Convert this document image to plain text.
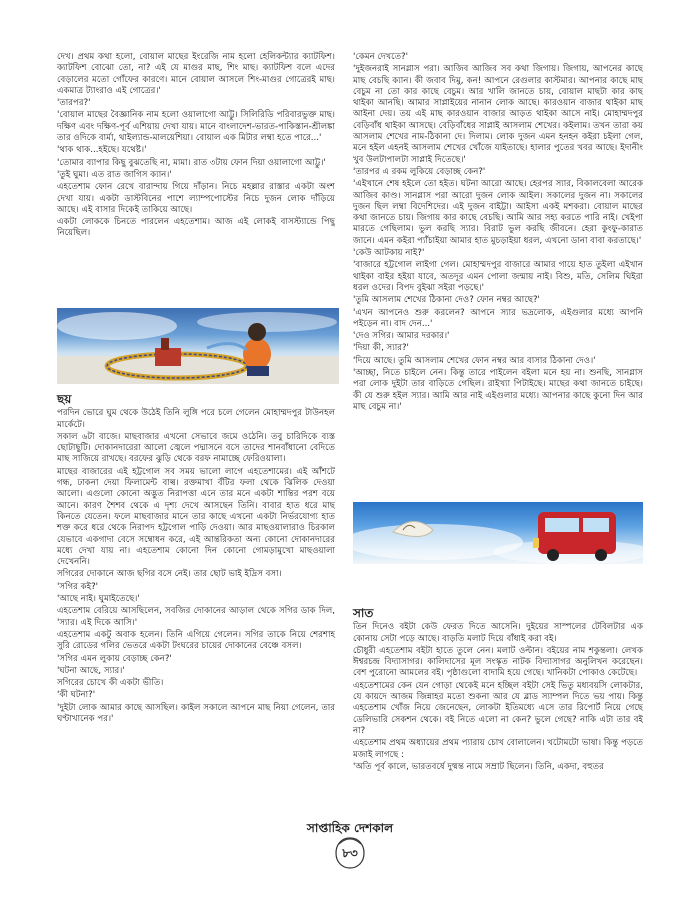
দেখ। প্রথম কথা হলো, বোয়াল মাছের ইংরেজি নাম হলো হেলিকন্ট্যার ক্যাটফিশ। ক্যাটফিশ বোঝো তো, না? এই যে মাগুর মাছ, শিং মাছ। ক্যাটফিশ বলে এদের বেড়ালের মতো গোঁফের কারণে। মানে বোয়াল আসলে শিং-মাগুর গোত্রেরই মাছ। একমাত্র ট্যাংরাও এই গোত্রের।'

'তারপর?'

'বোয়াল মাছের বৈজ্ঞানিক নাম হলো ওয়ালাগো আট্টু। সিলিরিডি পরিবারভুক্ত মাছ। দক্ষিণ এবং দক্ষিণ-পূর্ব এশিয়ায় দেখা যায়। মানে বাংলাদেশ-ভারত-পাকিস্তান-শ্রীলঙ্কা তার ওদিকে বার্মা, থাইল্যান্ড-মালয়েশিয়া। বোয়াল এক মিটার লম্বা হতে পারে...'

'থাক থাক...হইছে। যথেষ্ট।'

'তোমার ব্যাপার কিছু বুঝতেছি না, মামা। রাত ৩টায় ফোন দিয়া ওয়ালাগো আট্টু।'

'তুই ঘুমা। এত রাত জাগিস ক্যান।'

এহতেশাম ফোন রেখে বারান্দায় গিয়ে দাঁড়ান। নিচে মহল্লার রাস্তার একটা অংশ দেখা যায়। একটা ডাস্টবিনের পাশে ল্যাম্পপোস্টের নিচে দুজন লোক দাঁড়িয়ে আছে। এই বাসার দিকেই তাকিয়ে আছে।

একটা লোককে চিনতে পারলেন এহতেশাম। আজ এই লোকই বাসস্ট্যান্ডে পিছু নিয়েছিল।

ছয়

পরদিন ভোরে ঘুম থেকে উঠেই তিনি লুঙ্গি পরে চলে গেলেন মোহাম্মদপুর টাউনহল মার্কেটে।

সকাল ৬টা বাজে। মাছবাজার এখনো সেভাবে জমে ওঠেনি। তবু চারিদিকে ব্যস্ত ছোটাছুটি। দোকানদারেরা আলো জ্বেলে পদ্মাসনে বসে তাদের শানবাঁধানো বেদিতে মাছ সাজিয়ে রাখছে। বরফের ঝুড়ি থেকে বরফ নামাচ্ছে ফেরিওয়ালা।

মাছের বাজারের এই হট্টগোল সব সময় ভালো লাগে এহতেশামের। এই আঁশটে গন্ধ, ঢাকনা দেয়া ফিলামেন্ট বাল্ব। রক্তমাখা বঁটির ফলা থেকে ঝিলিক দেওয়া আলো। এগুলো কোনো অদ্ভুত নিরাপত্তা এনে তার মনে একটা শান্তির পরশ বয়ে আনে। কারণ শৈশব থেকে এ দৃশ্য দেখে আসছেন তিনি। বাবার হাত ধরে মাছ কিনতে যেতেন। ফলে মাছবাজার মানে তার কাছে এখনো একটা নির্ভরযোগ্য হাত শক্ত করে ধরে থেকে নিরাপদ হট্টগোল পাড়ি দেওয়া। আর মাছওয়ালারাও চিরকাল যেভাবে একগাদা বেসে সম্বোধন করে, এই আন্তরিকতা অন্য কোনো দোকানদারের মধ্যে দেখা যায় না। এহতেশাম কোনো দিন কোনো গোমড়ামুখো মাছওয়ালা দেখেননি।

সগিরের দোকানে আজ ছগির বসে নেই। তার ছোট ভাই ইদ্রিস বসা।

'সগির কই?'

'আছে নাই। ঘুমাইতেছে।'

এহতেশাম বেরিয়ে আসছিলেন, সবজির দোকানের আড়াল থেকে সগির ডাক দিল, 'স্যার। এই দিকে আসি।'

এহতেশাম একটু অবাক হলেন। তিনি এগিয়ে গেলেন। সগির তাকে নিয়ে শেরশাহ সুরি রোডের গলির ভেতরে একটা টংঘরের চায়ের দোকানের বেঞ্চে বসল।

'সগির এমন লুকায় বেড়াচ্ছ কেন?'

'ঘটনা আছে, স্যার।'

সগিরের চোখে কী একটা ভীতি।

'কী ঘটনা?'

'দুইটা লোক আমার কাছে আসছিল। কাইল সকালে আপনে মাছ নিয়া গেলেন, তার ঘণ্টাখানেক পর।'

'কেমন দেখতে?'

'দুইজনরাই সানগ্লাস পরা। আজিব আজিব সব কথা জিগায়। জিগায়, আপনের কাছে মাছ বেচছি ক্যান। কী জবাব দিমু, কন! আপনে রেগুলার কাস্টমার। আপনার কাছে মাছ বেচুম না তো কার কাছে বেচুম। আর খালি জানতে চায়, বোয়াল মাছটা কার কাছ থাইকা আনছি। আমার সাপ্লাইয়ের নানান লোক আছে। কারওয়ান বাজার থাইকা মাছ আইনা দেয়। তয় এই মাছ কারওয়ান বাজার আড়ত থাইকা আসে নাই। মোহাম্মদপুর বেড়িবাঁধ থাইকা আসছে। বেড়িবাঁধের সাপ্লাই আসলাম শেখের। কইলাম। তখন তারা কয় আসলাম শেখের নাম-ঠিকানা দে। দিলাম। লোক দুজন এমন হনহন কইরা চইলা গেল, মনে হইল এহনই আসলাম শেখের খোঁজে যাইতাছে। হালার পুতের খবর আছে। ইদানীং খুব উলটাপালটা সাপ্লাই দিতেছে।'

'তারপর এ রকম লুকিয়ে বেড়াচ্ছ কেন?'

'এইখানে শেষ হইলে তো হইত। ঘটনা আরো আছে। হেরপর স্যার, বিকালবেলা আরেক আজিব কাণ্ড। সানগ্লাস পরা আরো দুজন লোক আইল। সকালের দুজন না। সকালের দুজন ছিল লম্বা বিদেশিদের। এই দুজন বাইট্টা। আইসা একই মশকরা। বোয়াল মাছের কথা জানতে চায়। জিগায় কার কাছে বেচছি। আমি আর সহ্য করতে পারি নাই। খেইপা মারতে গেছিলাম। ভুল করছি স্যার। বিরাট ভুল করছি জীবনে। হেরা কুংফু-কারাত জানে। এমন কইরা প্যাঁচাইয়া আমার হাত মুচড়াইয়া ধরল, এখনো ডানা বাবা করতাছে।'

'কেউ আটকায় নাই?'

'বাজারে হট্টগোল লাইগা গেল। মোহাম্মদপুর বাজারে আমার গায়ে হাত তুইলা এইখান থাইকা বাইর হইয়া যাবে, অতদূর এমন পোলা জন্মায় নাই। বিশু, মতি, সেলিম ঘিইরা ধরল ওদের। বিপদ বুইঝা সইরা পড়ছে।'

'তুমি আসলাম শেখের ঠিকানা দেও? ফোন নম্বর আছে?'

'এখন আপনেও শুরু করলেন? আপনে স্যার ভদ্রলোক, এইগুলার মধ্যে আপনি পইড়েন না। বাদ দেন...'

'দেও সগির। আমার দরকার।'

'দিয়া কী, স্যার?'

'দিয়ে আছে। তুমি আসলাম শেখের ফোন নম্বর আর বাসার ঠিকানা দেও।'

'আচ্ছা, নিতে চাইলে নেন। কিন্তু তারে পাইলেন বইলা মনে হয় না। শুনছি, সানগ্লাস পরা লোক দুইটা তার বাড়িতে গেছিল। রাইখ্যা পিটাইছে। মাছের কথা জানতে চাইছে। কী যে শুরু হইল স্যার। আমি আর নাই এইগুলার মধ্যে। আপনার কাছে কুনো দিন আর মাছ বেচুম না।'

সাত

তিন দিনেও বইটা কেউ ফেরত দিতে আসেনি। দুইয়ের সাস্পলের টেবিলটার এক কোনায় সেটা পড়ে আছে। বাড়তি মলাট দিয়ে বাঁধাই করা বই।

চৌধুরী এহতেশাম বইটা হাতে তুলে নেন। মলাট ওল্টান। বইয়ের নাম শকুন্তলা। লেখক ঈশ্বরচন্দ্র বিদ্যাসাগর। কালিদাসের মূল সংস্কৃত নাটক বিদ্যাসাগর অনুলিখন করেছেন। বেশ পুরোনো আমলের বই। পৃষ্ঠাগুলো বাদামি হয়ে গেছে। খানিকটা পোকাও কেটেছে।

এহতেশামের কেন যেন গোড়া থেকেই মনে হচ্ছিল বইটা সেই ভিতু মধ্যবয়সি লোকটার, যে কায়দে আজম জিন্নাহর মতো শুকনা আর যে ব্লাড স্যাম্পল দিতে ভয় পায়। কিন্তু এহতেশাম খোঁজ নিয়ে জেনেছেন, লোকটা ইতিমধ্যে এসে তার রিপোর্ট নিয়ে গেছে ডেলিভারি সেকশন থেকে। বই নিতে এলো না কেন? ভুলে গেছে? নাকি এটা তার বই না?

এহতেশাম প্রথম অধ্যায়ের প্রথম প্যারায় চোখ বোলালেন। খটোমটো ভাষা। কিন্তু পড়তে মজাই লাগছে :

'অতি পূর্ব কালে, ভারতবর্ষে দুষ্মন্ত নামে সম্রাট ছিলেন। তিনি, একদা, বহুতর

সাপ্তাহিক দেশকাল
৮৩
